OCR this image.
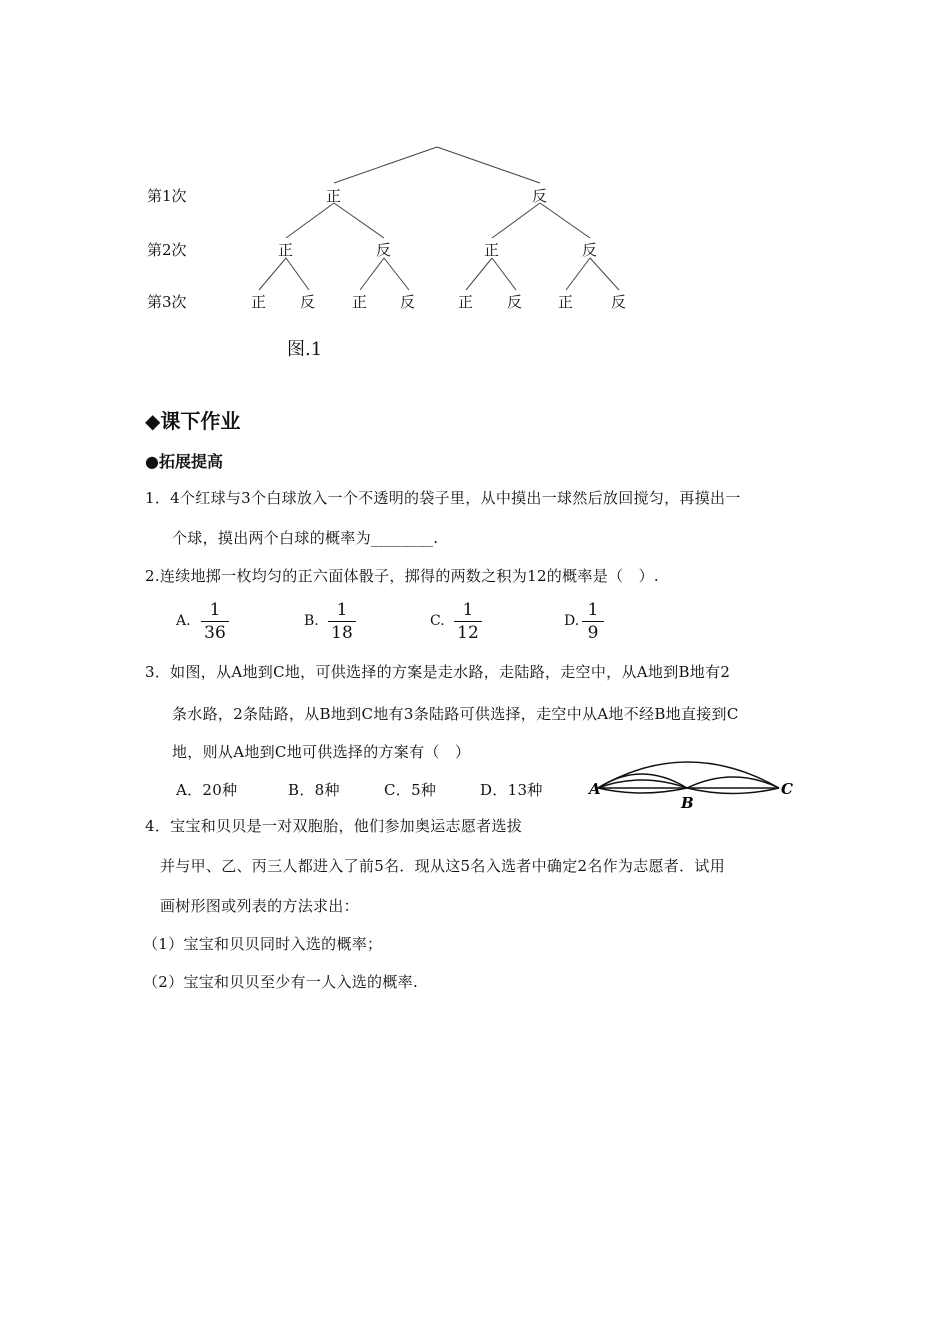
第1次
第2次
第3次
正	反
正	反	正	反
正 反 正 反	正 反 正	反
图.1
◆课下作业
●拓展提高
1．4个红球与3个白球放入一个不透明的袋子里，从中摸出一球然后放回搅匀，再摸出一
个球，摸出两个白球的概率为________.
2.连续地掷一枚均匀的正六面体骰子，掷得的两数之积为12的概率是（　）.
A.
1
36
B.
1
18
C.
1
12
D.
1
9
3．如图，从A地到C地，可供选择的方案是走水路，走陆路，走空中，从A地到B地有2
条水路，2条陆路，从B地到C地有3条陆路可供选择，走空中从A地不经B地直接到C
地，则从A地到C地可供选择的方案有（　）
A．20种	B．8种	C．5种	D．13种	A
B
C
4．宝宝和贝贝是一对双胞胎，他们参加奥运志愿者选拔
并与甲、乙、丙三人都进入了前5名．现从这5名入选者中确定2名作为志愿者．试用
画树形图或列表的方法求出：
（1）宝宝和贝贝同时入选的概率；
（2）宝宝和贝贝至少有一人入选的概率.
